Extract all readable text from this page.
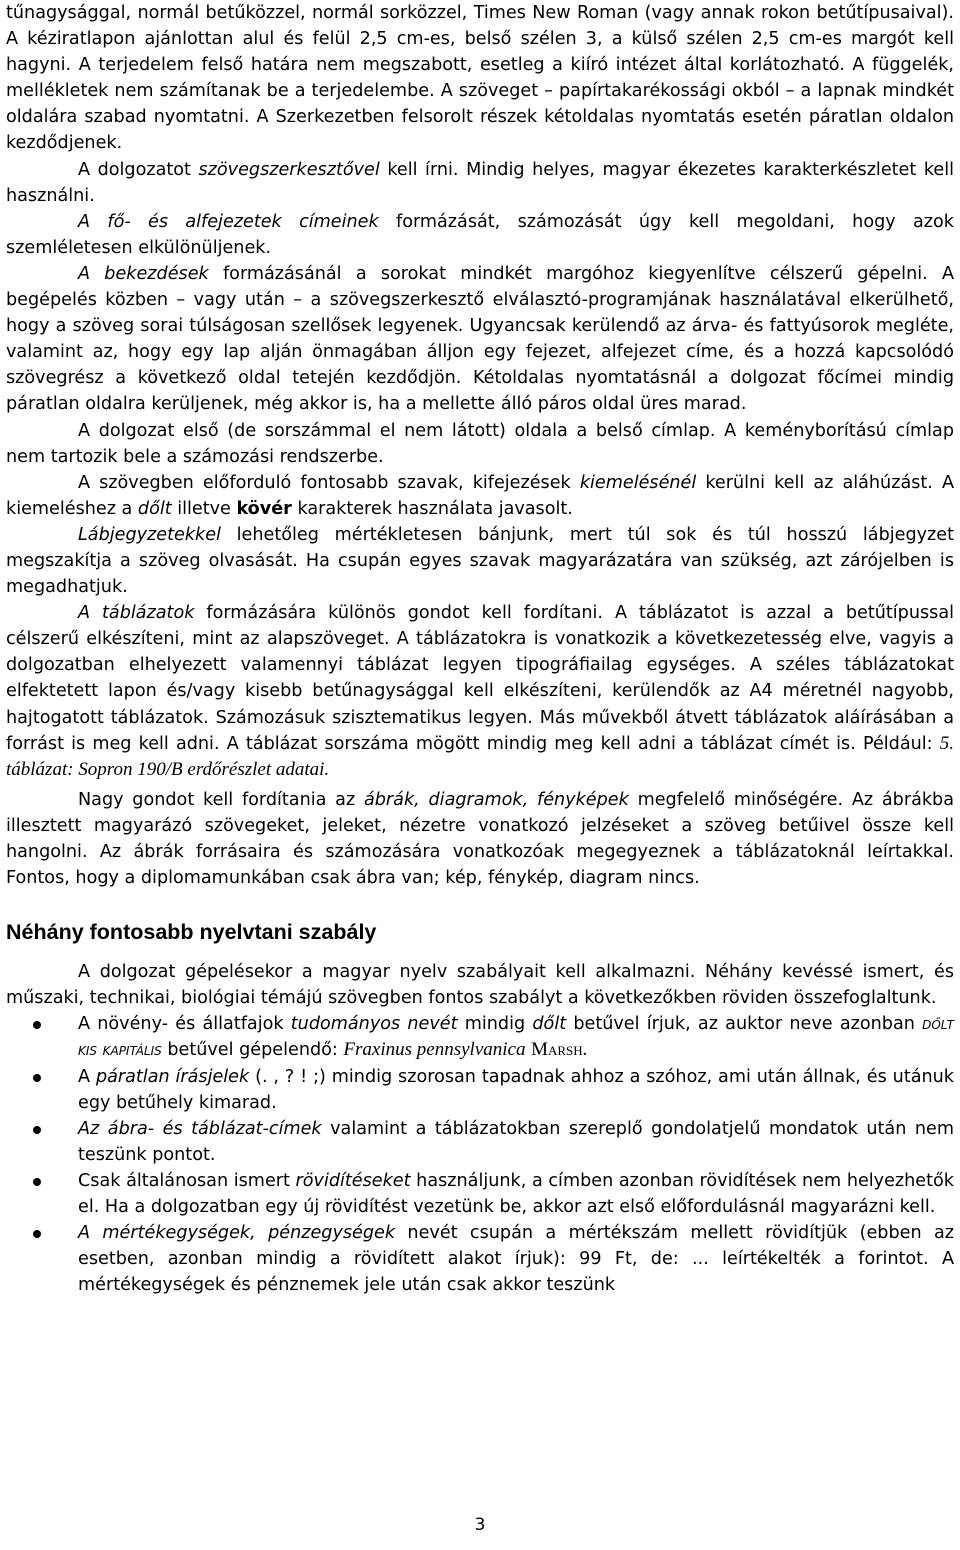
tűnagysággal, normál betűközzel, normál sorközzel, Times New Roman (vagy annak rokon betűtípusaival). A kéziratlapon ajánlottan alul és felül 2,5 cm-es, belső szélen 3, a külső szélen 2,5 cm-es margót kell hagyni. A terjedelem felső határa nem megszabott, esetleg a kiíró intézet által korlátozható. A függelék, mellékletek nem számítanak be a terjedelembe. A szöveget – papírtakarékossági okból – a lapnak mindkét oldalára szabad nyomtatni. A Szerkezetben felsorolt részek kétoldalas nyomtatás esetén páratlan oldalon kezdődjenek.

A dolgozatot szövegszerkesztővel kell írni. Mindig helyes, magyar ékezetes karakterkészletet kell használni.

A fő- és alfejezetek címeinek formázását, számozását úgy kell megoldani, hogy azok szemléletesen elkülönüljenek.

A bekezdések formázásánál a sorokat mindkét margóhoz kiegyenlítve célszerű gépelni. A begépelés közben – vagy után – a szövegszerkesztő elválasztó-programjának használatával elkerülhető, hogy a szöveg sorai túlságosan szellősek legyenek. Ugyancsak kerülendő az árva- és fattyúsorok megléte, valamint az, hogy egy lap alján önmagában álljon egy fejezet, alfejezet címe, és a hozzá kapcsolódó szövegrész a következő oldal tetején kezdődjön. Kétoldalas nyomtatásnál a dolgozat főcímei mindig páratlan oldalra kerüljenek, még akkor is, ha a mellette álló páros oldal üres marad.

A dolgozat első (de sorszámmal el nem látott) oldala a belső címlap. A keményborítású címlap nem tartozik bele a számozási rendszerbe.

A szövegben előforduló fontosabb szavak, kifejezések kiemelésénél kerülni kell az aláhúzást. A kiemeléshez a dőlt illetve kövér karakterek használata javasolt.

Lábjegyzetekkel lehetőleg mértékletesen bánjunk, mert túl sok és túl hosszú lábjegyzet megszakítja a szöveg olvasását. Ha csupán egyes szavak magyarázatára van szükség, azt zárójelben is megadhatjuk.

A táblázatok formázására különös gondot kell fordítani. A táblázatot is azzal a betűtípussal célszerű elkészíteni, mint az alapszöveget. A táblázatokra is vonatkozik a következetesség elve, vagyis a dolgozatban elhelyezett valamennyi táblázat legyen tipográfiailag egységes. A széles táblázatokat elfektetett lapon és/vagy kisebb betűnagysággal kell elkészíteni, kerülendők az A4 méretnél nagyobb, hajtogatott táblázatok. Számozásuk szisztematikus legyen. Más művekből átvett táblázatok aláírásában a forrást is meg kell adni. A táblázat sorszáma mögött mindig meg kell adni a táblázat címét is. Például: 5. táblázat: Sopron 190/B erdőrészlet adatai.

Nagy gondot kell fordítania az ábrák, diagramok, fényképek megfelelő minőségére. Az ábrákba illesztett magyarázó szövegeket, jeleket, nézetre vonatkozó jelzéseket a szöveg betűivel össze kell hangolni. Az ábrák forrásaira és számozására vonatkozóak megegyeznek a táblázatoknál leírtakkal. Fontos, hogy a diplomamunkában csak ábra van; kép, fénykép, diagram nincs.

Néhány fontosabb nyelvtani szabály

A dolgozat gépelésekor a magyar nyelv szabályait kell alkalmazni. Néhány kevéssé ismert, és műszaki, technikai, biológiai témájú szövegben fontos szabályt a következőkben röviden összefoglaltunk.

A növény- és állatfajok tudományos nevét mindig dőlt betűvel írjuk, az auktor neve azonban dőlt kis kapitális betűvel gépelendő: Fraxinus pennsylvanica Marsh.
A páratlan írásjelek (. , ? ! ;) mindig szorosan tapadnak ahhoz a szóhoz, ami után állnak, és utánuk egy betűhely kimarad.
Az ábra- és táblázat-címek valamint a táblázatokban szereplő gondolatjelű mondatok után nem teszünk pontot.
Csak általánosan ismert rövidítéseket használjunk, a címben azonban rövidítések nem helyezhetők el. Ha a dolgozatban egy új rövidítést vezetünk be, akkor azt első előfordulásnál magyarázni kell.
A mértékegységek, pénzegységek nevét csupán a mértékszám mellett rövidítjük (ebben az esetben, azonban mindig a rövidített alakot írjuk): 99 Ft, de: ... leírtékelték a forintot. A mértékegységek és pénznemek jele után csak akkor teszünk
3
